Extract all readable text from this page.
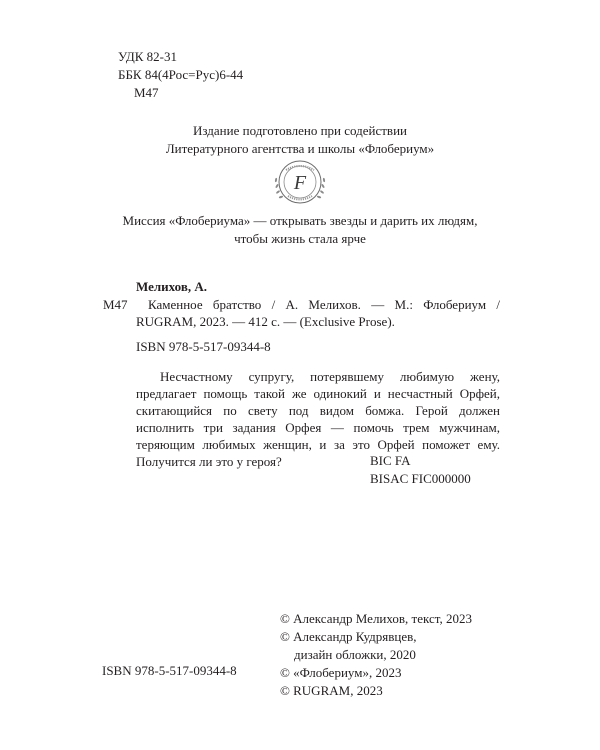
УДК 82-31
ББК 84(4Рос=Рус)6-44
М47
Издание подготовлено при содействии
Литературного агентства и школы «Флобериум»
F
Миссия «Флобериума» — открывать звезды и дарить их людям,
чтобы жизнь стала ярче
Мелихов, А.
М47 Каменное братство / А. Мелихов. — М.: Флобериум /
RUGRAM, 2023. — 412 с. — (Exclusive Prose).
ISBN 978-5-517-09344-8
Несчастному супругу, потерявшему любимую жену, предлагает помощь такой же одинокий и несчастный Орфей, скитающийся по свету под видом бомжа. Герой должен исполнить три задания Орфея — помочь трем мужчинам, теряющим любимых женщин, и за это Орфей поможет ему. Получится ли это у героя?	BIC FA
BISAC FIC000000
ISBN 978-5-517-09344-8
© Александр Мелихов, текст, 2023
© Александр Кудрявцев,
дизайн обложки, 2020
© «Флобериум», 2023
© RUGRAM, 2023
